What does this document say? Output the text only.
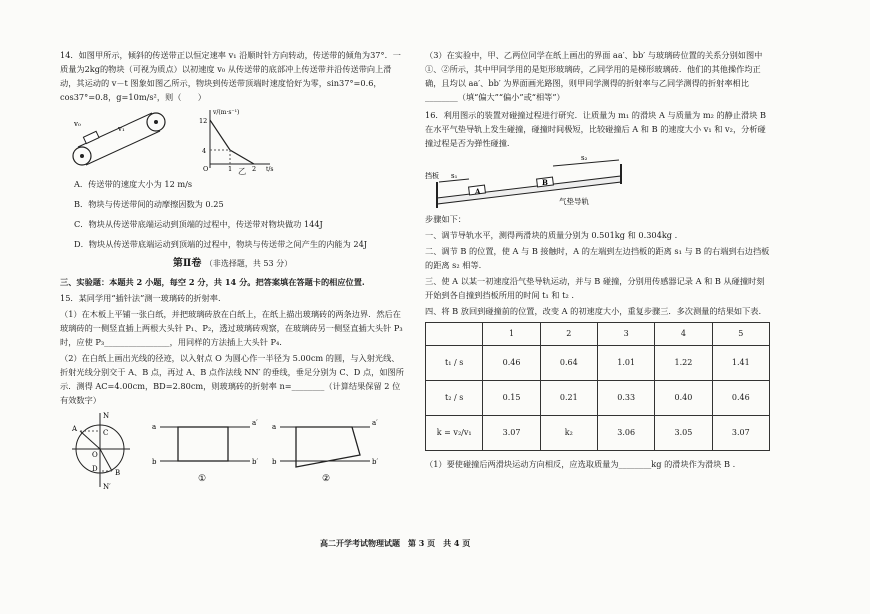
14．如图甲所示，倾斜的传送带正以恒定速率 v₁ 沿顺时针方向转动，传送带的倾角为37°．一质量为2kg的物块（可视为质点）以初速度 v₀ 从传送带的底部冲上传送带并沿传送带向上滑动，其运动的 v－t 图象如图乙所示，物块到传送带顶端时速度恰好为零，sin37°=0.6，cos37°=0.8，g=10m/s²，则（　　）
v₀
v₁
v/(m·s⁻¹)
12
4
O	1	2 t/s
乙
A．传送带的速度大小为 12 m/s
B．物块与传送带间的动摩擦因数为 0.25
C．物块从传送带底端运动到顶端的过程中，传送带对物块做功 144J
D．物块从传送带底端运动到顶端的过程中，物块与传送带之间产生的内能为 24J
第Ⅱ卷 （非选择题，共 53 分）
三、实验题：本题共 2 小题，每空 2 分，共 14 分。把答案填在答题卡的相应位置.
15．某同学用“插针法”测一玻璃砖的折射率.
（1）在木板上平铺一张白纸，并把玻璃砖放在白纸上，在纸上描出玻璃砖的两条边界．然后在玻璃砖的一侧竖直插上两根大头针 P₁、P₂，透过玻璃砖观察，在玻璃砖另一侧竖直插大头针 P₃时，应使 P₃________________，用同样的方法插上大头针 P₄.
（2）在白纸上画出光线的径迹，以入射点 O 为圆心作一半径为 5.00cm 的圆，与入射光线、折射光线分别交于 A、B 点，再过 A、B 点作法线 NN′ 的垂线，垂足分别为 C、D 点，如图所示．测得 AC=4.00cm，BD=2.80cm，则玻璃砖的折射率 n=________（计算结果保留 2 位有效数字）
N
A	C
O
D B
N′
a	a′
b	b′
①
a	a′
b	b′
②
（3）在实验中，甲、乙两位同学在纸上画出的界面 aa′、bb′ 与玻璃砖位置的关系分别如图中①、②所示，其中甲同学用的是矩形玻璃砖，乙同学用的是梯形玻璃砖．他们的其他操作均正确，且均以 aa′、bb′ 为界面画光路图，则甲同学测得的折射率与乙同学测得的折射率相比________（填“偏大”“偏小”或“相等”）
16．利用图示的装置对碰撞过程进行研究．让质量为 m₁ 的滑块 A 与质量为 m₂ 的静止滑块 B 在水平气垫导轨上发生碰撞，碰撞时间极短，比较碰撞后 A 和 B 的速度大小 v₁ 和 v₂，分析碰撞过程是否为弹性碰撞.
s₁
s₂
A
B
挡板
气垫导轨
步骤如下：
一、调节导轨水平，测得两滑块的质量分别为 0.501kg 和 0.304kg .
二、调节 B 的位置，使 A 与 B 接触时，A 的左端到左边挡板的距离 s₁ 与 B 的右端到右边挡板的距离 s₂ 相等.
三、使 A 以某一初速度沿气垫导轨运动，并与 B 碰撞，分别用传感器记录 A 和 B 从碰撞时刻开始到各自撞到挡板所用的时间 t₁ 和 t₂ .
四、将 B 放回到碰撞前的位置，改变 A 的初速度大小，重复步骤三．多次测量的结果如下表.
	1	2	3	4	5
t₁ / s	0.46	0.64	1.01	1.22	1.41
t₂ / s	0.15	0.21	0.33	0.40	0.46
k = v₂/v₁	3.07	k₂	3.06	3.05	3.07
（1）要使碰撞后两滑块运动方向相反，应选取质量为________kg 的滑块作为滑块 B .
高二开学考试物理试题　第 3 页　共 4 页
